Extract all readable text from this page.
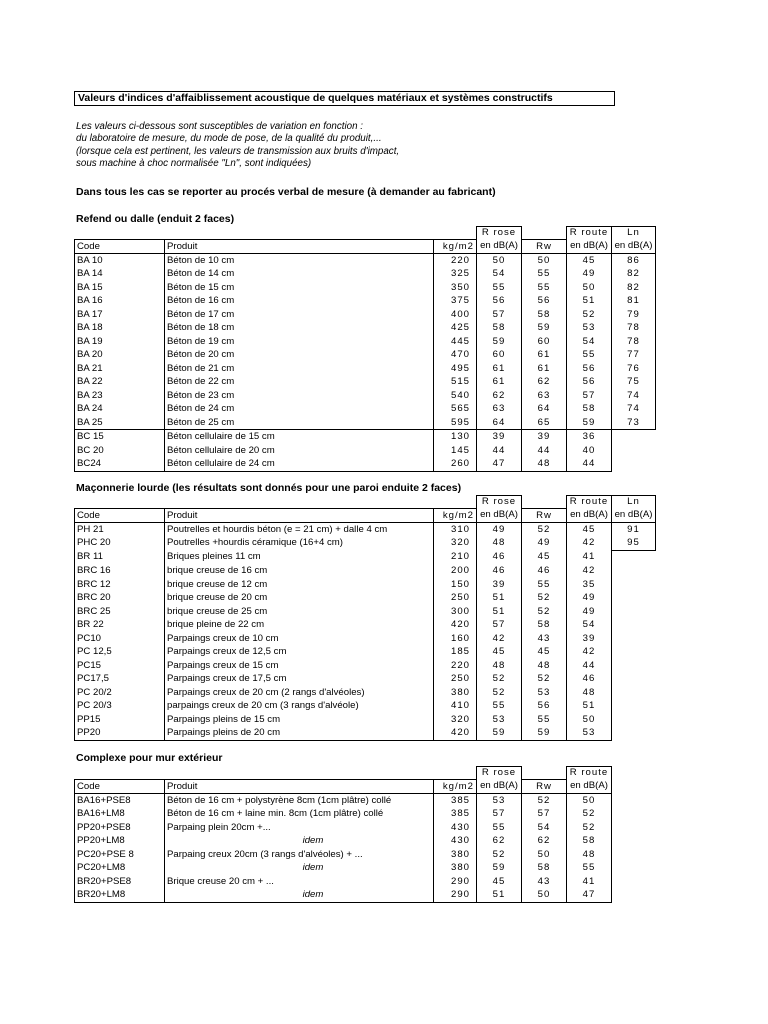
Valeurs d'indices d'affaiblissement acoustique de quelques matériaux et systèmes constructifs
Les valeurs ci-dessous sont susceptibles de variation en fonction :
du laboratoire de mesure, du mode de pose, de la qualité du produit,...
(lorsque cela est pertinent, les valeurs de transmission aux bruits d'impact,
sous machine à choc normalisée "Ln", sont indiquées)
Dans tous les cas se reporter au procés verbal de mesure (à demander au fabricant)
Refend ou dalle (enduit 2 faces)
			R rose		R route	Ln
Code	Produit	kg/m2	en dB(A)	Rw	en dB(A)	en dB(A)
BA 10	Béton de 10 cm	220	50	50	45	86
BA 14	Béton de 14 cm	325	54	55	49	82
BA 15	Béton de 15 cm	350	55	55	50	82
BA 16	Béton de 16 cm	375	56	56	51	81
BA 17	Béton de 17 cm	400	57	58	52	79
BA 18	Béton de 18 cm	425	58	59	53	78
BA 19	Béton de 19 cm	445	59	60	54	78
BA 20	Béton de 20 cm	470	60	61	55	77
BA 21	Béton de 21 cm	495	61	61	56	76
BA 22	Béton de 22 cm	515	61	62	56	75
BA 23	Béton de 23 cm	540	62	63	57	74
BA 24	Béton de 24 cm	565	63	64	58	74
BA 25	Béton de 25 cm	595	64	65	59	73
BC 15	Béton cellulaire de 15 cm	130	39	39	36	
BC 20	Béton cellulaire de 20 cm	145	44	44	40	
BC24	Béton cellulaire de 24 cm	260	47	48	44	
Maçonnerie lourde (les résultats sont donnés pour une paroi enduite 2 faces)
			R rose		R route	Ln
Code	Produit	kg/m2	en dB(A)	Rw	en dB(A)	en dB(A)
PH 21	Poutrelles et hourdis béton (e = 21 cm) + dalle 4 cm	310	49	52	45	91
PHC 20	Poutrelles +hourdis céramique (16+4 cm)	320	48	49	42	95
BR 11	Briques pleines 11 cm	210	46	45	41	
BRC 16	brique creuse de 16 cm	200	46	46	42	
BRC 12	brique creuse de 12 cm	150	39	55	35	
BRC 20	brique creuse de 20 cm	250	51	52	49	
BRC 25	brique creuse de 25 cm	300	51	52	49	
BR 22	brique pleine de 22 cm	420	57	58	54	
PC10	Parpaings creux de 10 cm	160	42	43	39	
PC 12,5	Parpaings creux de 12,5 cm	185	45	45	42	
PC15	Parpaings creux de 15 cm	220	48	48	44	
PC17,5	Parpaings creux de 17,5 cm	250	52	52	46	
PC 20/2	Parpaings creux de 20 cm (2 rangs d'alvéoles)	380	52	53	48	
PC 20/3	parpaings creux de 20 cm (3 rangs d'alvéole)	410	55	56	51	
PP15	Parpaings pleins de 15 cm	320	53	55	50	
PP20	Parpaings pleins de 20 cm	420	59	59	53	
Complexe pour mur extérieur
			R rose		R route
Code	Produit	kg/m2	en dB(A)	Rw	en dB(A)
BA16+PSE8	Béton de 16 cm + polystyrène 8cm (1cm plâtre) collé	385	53	52	50
BA16+LM8	Béton de 16 cm + laine min. 8cm (1cm plâtre) collé	385	57	57	52
PP20+PSE8	Parpaing plein 20cm +...	430	55	54	52
PP20+LM8	idem	430	62	62	58
PC20+PSE 8	Parpaing creux 20cm (3 rangs d'alvéoles) + ...	380	52	50	48
PC20+LM8	idem	380	59	58	55
BR20+PSE8	Brique creuse 20 cm + ...	290	45	43	41
BR20+LM8	idem	290	51	50	47
